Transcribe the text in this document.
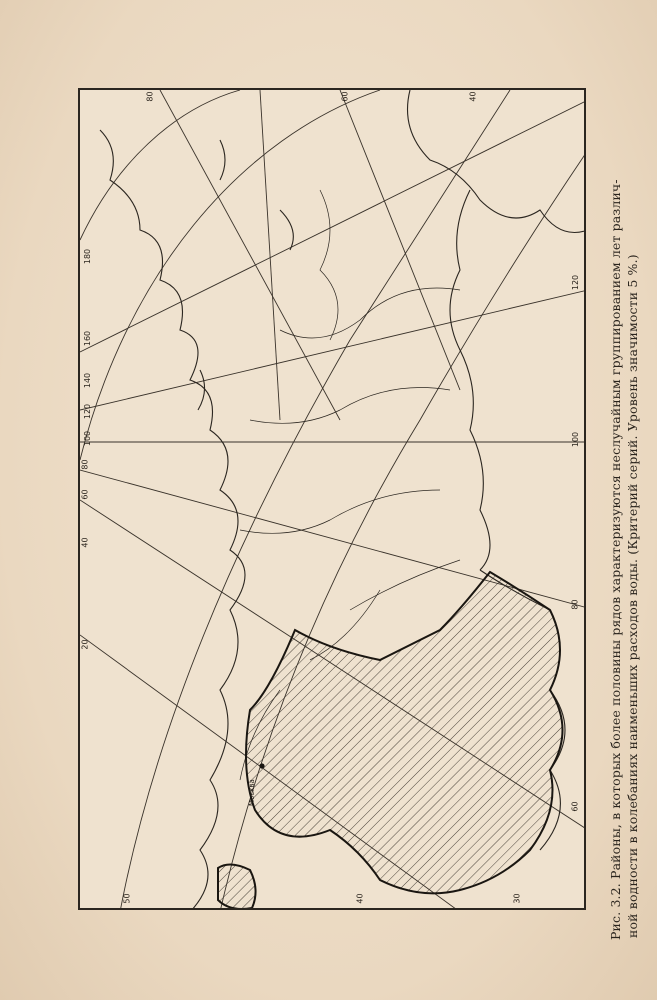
Москва
80
180
160
140
120
100
80
60
40
20
50
40
120
100
80
60
30
60
40	Рис. 3.2. Районы, в которых более половины рядов характеризуются неслучайным группированием лет различ- ной водности в колебаниях наименьших расходов воды. (Критерий серий. Уровень значимости 5 %.)
